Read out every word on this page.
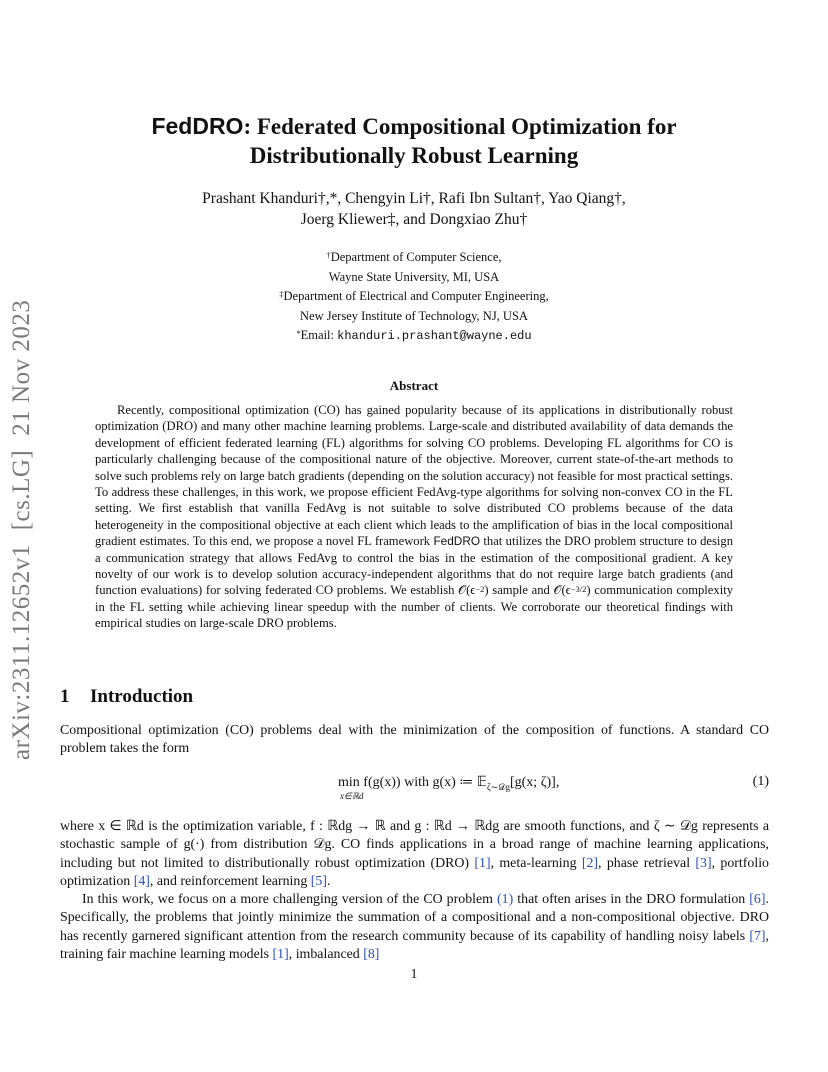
arXiv:2311.12652v1[cs.LG]21 Nov 2023
FedDRO: Federated Compositional Optimization for
Distributionally Robust Learning
Prashant Khanduri†,*, Chengyin Li†, Rafi Ibn Sultan†, Yao Qiang†,
Joerg Kliewer‡, and Dongxiao Zhu†
†Department of Computer Science,
Wayne State University, MI, USA
‡Department of Electrical and Computer Engineering,
New Jersey Institute of Technology, NJ, USA
*Email: khanduri.prashant@wayne.edu
Abstract
Recently, compositional optimization (CO) has gained popularity because of its applications in distributionally robust optimization (DRO) and many other machine learning problems. Large-scale and distributed availability of data demands the development of efficient federated learning (FL) algorithms for solving CO problems. Developing FL algorithms for CO is particularly challenging because of the compositional nature of the objective. Moreover, current state-of-the-art methods to solve such problems rely on large batch gradients (depending on the solution accuracy) not feasible for most practical settings. To address these challenges, in this work, we propose efficient FedAvg-type algorithms for solving non-convex CO in the FL setting. We first establish that vanilla FedAvg is not suitable to solve distributed CO problems because of the data heterogeneity in the compositional objective at each client which leads to the amplification of bias in the local compositional gradient estimates. To this end, we propose a novel FL framework FedDRO that utilizes the DRO problem structure to design a communication strategy that allows FedAvg to control the bias in the estimation of the compositional gradient. A key novelty of our work is to develop solution accuracy-independent algorithms that do not require large batch gradients (and function evaluations) for solving federated CO problems. We establish $𝒪(\epsilon^{-2})$ sample and $𝒪(\epsilon^{-3/2})$ communication complexity in the FL setting while achieving linear speedup with the number of clients. We corroborate our theoretical findings with empirical studies on large-scale DRO problems.
1 Introduction
Compositional optimization (CO) problems deal with the minimization of the composition of functions. A standard CO problem takes the form
min f(g(x)) with g(x) ≔ 𝔼$_{\zeta\sim 𝒟g}$[g(x; ζ)],
x∈ℝd
(1)
where x ∈ ℝd is the optimization variable, f : ℝdg → ℝ and g : ℝd → ℝdg are smooth functions, and ζ ∼ 𝒟g represents a stochastic sample of g(·) from distribution 𝒟g. CO finds applications in a broad range of machine learning applications, including but not limited to distributionally robust optimization (DRO) [1], meta-learning [2], phase retrieval [3], portfolio optimization [4], and reinforcement learning [5].
In this work, we focus on a more challenging version of the CO problem (1) that often arises in the DRO formulation [6]. Specifically, the problems that jointly minimize the summation of a compositional and a non-compositional objective. DRO has recently garnered significant attention from the research community because of its capability of handling noisy labels [7], training fair machine learning models [1], imbalanced [8]
1
